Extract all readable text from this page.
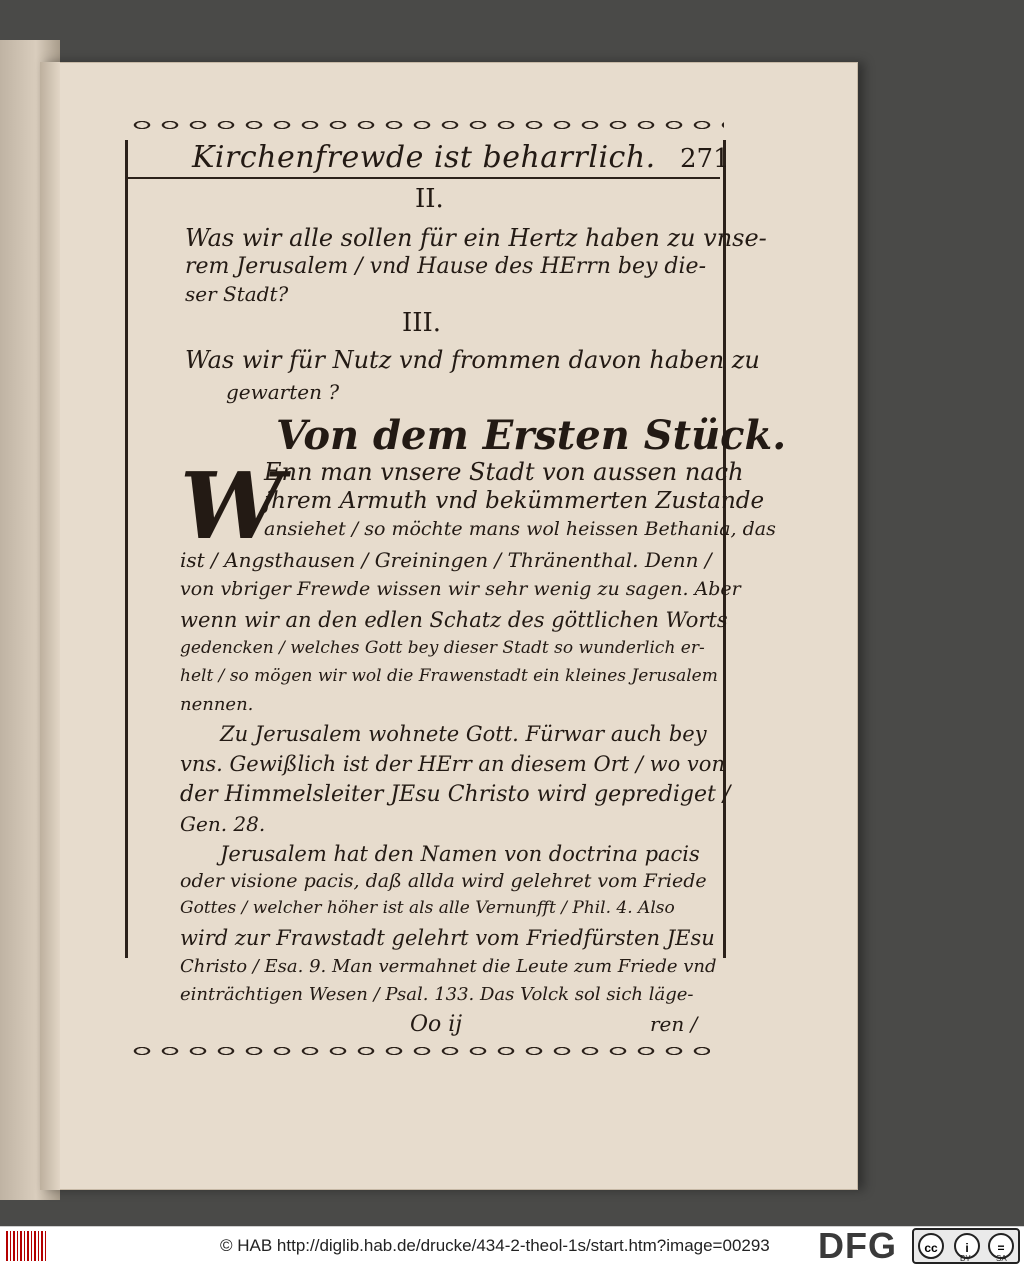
Kirchenfrewde ist beharrlich. 271
II.
Was wir alle sollen für ein Hertz haben zu vnse-
rem Jerusalem / vnd Hause des HErrn bey die-
ser Stadt?
III.
Was wir für Nutz vnd frommen davon haben zu
gewarten ?
Von dem Ersten Stück.
W
Enn man vnsere Stadt von aussen nach
jhrem Armuth vnd bekümmerten Zustande
ansiehet / so möchte mans wol heissen Bethania, das
ist / Angsthausen / Greiningen / Thränenthal. Denn /
von vbriger Frewde wissen wir sehr wenig zu sagen. Aber
wenn wir an den edlen Schatz des göttlichen Worts
gedencken / welches Gott bey dieser Stadt so wunderlich er-
helt / so mögen wir wol die Frawenstadt ein kleines Jerusalem
nennen.
Zu Jerusalem wohnete Gott. Fürwar auch bey
vns. Gewißlich ist der HErr an diesem Ort / wo von
der Himmelsleiter JEsu Christo wird geprediget /
Gen. 28.
Jerusalem hat den Namen von doctrina pacis
oder visione pacis, daß allda wird gelehret vom Friede
Gottes / welcher höher ist als alle Vernunfft / Phil. 4. Also
wird zur Frawstadt gelehrt vom Friedfürsten JEsu
Christo / Esa. 9. Man vermahnet die Leute zum Friede vnd
einträchtigen Wesen / Psal. 133. Das Volck sol sich läge-
Oo ij	ren /
© HAB http://diglib.hab.de/drucke/434-2-theol-1s/start.htm?image=00293 DFG	cc	i	=
BY	SA
